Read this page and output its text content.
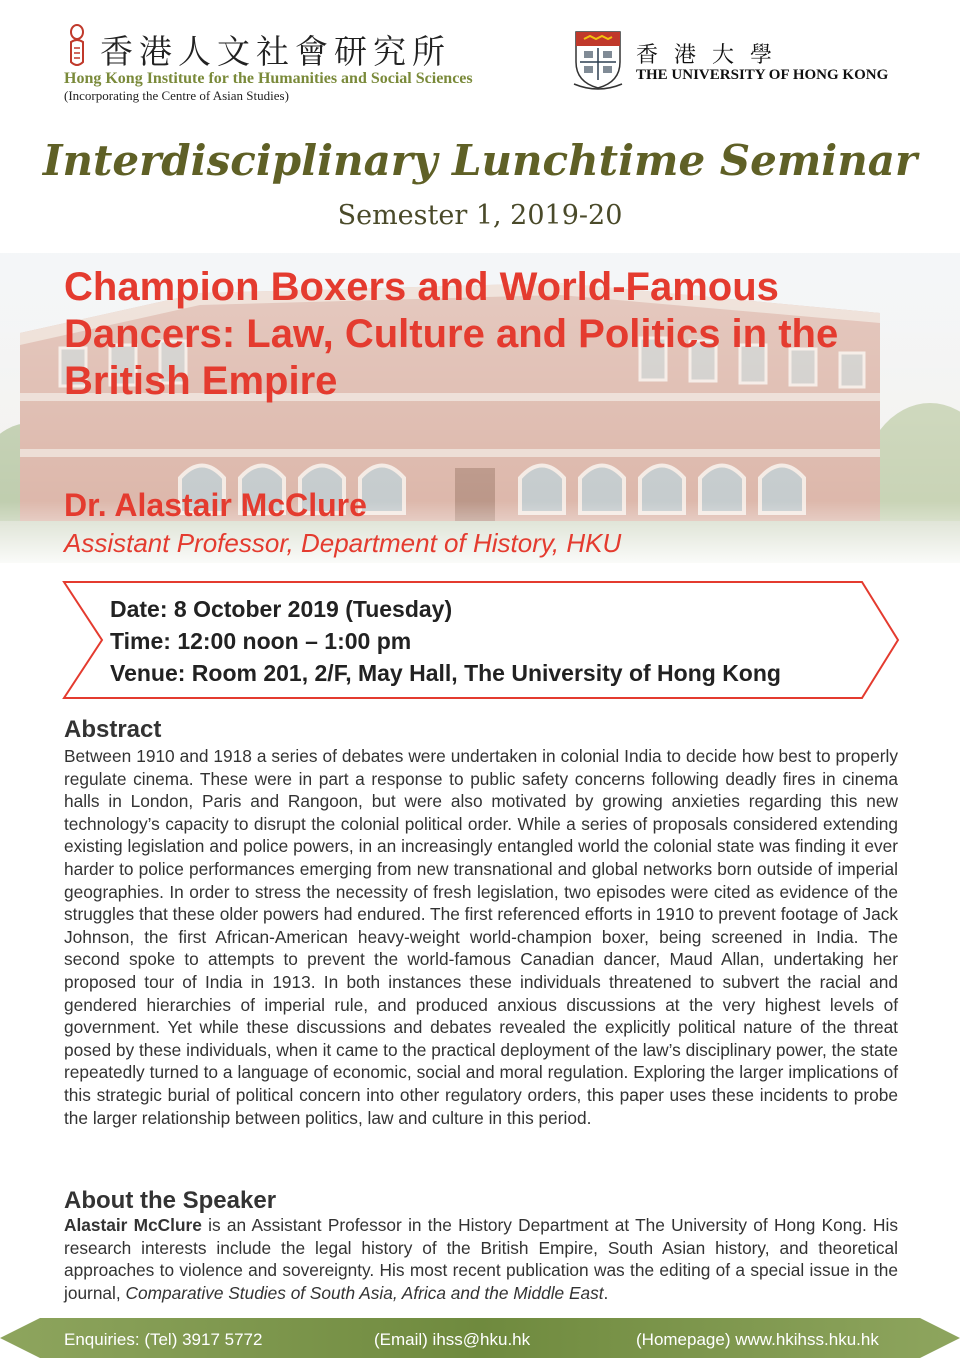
香港人文社會研究所
Hong Kong Institute for the Humanities and Social Sciences
(Incorporating the Centre of Asian Studies)
香港大學
THE UNIVERSITY OF HONG KONG
Interdisciplinary Lunchtime Seminar
Semester 1, 2019-20
Champion Boxers and World-Famous Dancers: Law, Culture and Politics in the British Empire
Dr. Alastair McClure
Assistant Professor, Department of History, HKU
Date: 8 October 2019 (Tuesday)
Time: 12:00 noon – 1:00 pm
Venue: Room 201, 2/F, May Hall, The University of Hong Kong
Abstract
Between 1910 and 1918 a series of debates were undertaken in colonial India to decide how best to properly regulate cinema. These were in part a response to public safety concerns following deadly fires in cinema halls in London, Paris and Rangoon, but were also motivated by growing anxieties regarding this new technology’s capacity to disrupt the colonial political order. While a series of proposals considered extending existing legislation and police powers, in an increasingly entangled world the colonial state was finding it ever harder to police performances emerging from new transnational and global networks born outside of imperial geographies. In order to stress the necessity of fresh legislation, two episodes were cited as evidence of the struggles that these older powers had endured. The first referenced efforts in 1910 to prevent footage of Jack Johnson, the first African-American heavy-weight world-champion boxer, being screened in India. The second spoke to attempts to prevent the world-famous Canadian dancer, Maud Allan, undertaking her proposed tour of India in 1913. In both instances these individuals threatened to subvert the racial and gendered hierarchies of imperial rule, and produced anxious discussions at the very highest levels of government. Yet while these discussions and debates revealed the explicitly political nature of the threat posed by these individuals, when it came to the practical deployment of the law’s disciplinary power, the state repeatedly turned to a language of economic, social and moral regulation. Exploring the larger implications of this strategic burial of political concern into other regulatory orders, this paper uses these incidents to probe the larger relationship between politics, law and culture in this period.
About the Speaker
Alastair McClure is an Assistant Professor in the History Department at The University of Hong Kong. His research interests include the legal history of the British Empire, South Asian history, and theoretical approaches to violence and sovereignty. His most recent publication was the editing of a special issue in the journal, Comparative Studies of South Asia, Africa and the Middle East.
Enquiries: (Tel) 3917 5772	(Email) ihss@hku.hk	(Homepage) www.hkihss.hku.hk
